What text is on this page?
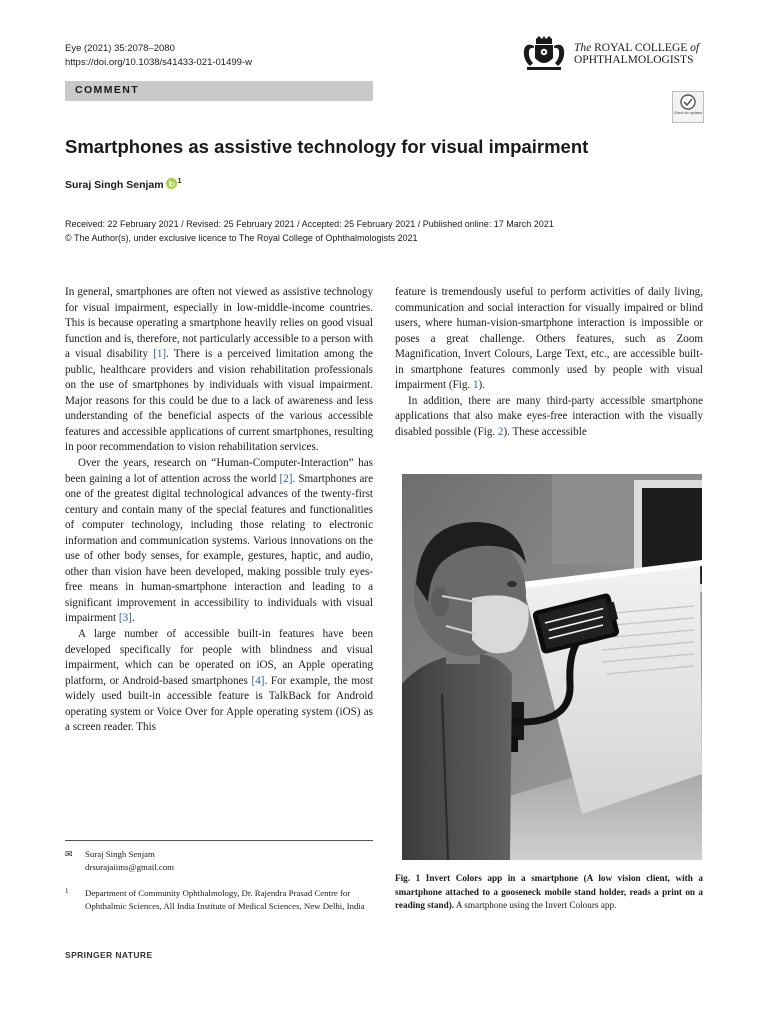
Eye (2021) 35:2078–2080
https://doi.org/10.1038/s41433-021-01499-w
The ROYAL COLLEGE of
OPHTHALMOLOGISTS
COMMENT
Check for updates
Smartphones as assistive technology for visual impairment
Suraj Singh Senjam $^1$
Received: 22 February 2021 / Revised: 25 February 2021 / Accepted: 25 February 2021 / Published online: 17 March 2021
© The Author(s), under exclusive licence to The Royal College of Ophthalmologists 2021

In general, smartphones are often not viewed as assistive technology for visual impairment, especially in low-middle-income countries. This is because operating a smartphone heavily relies on good visual function and is, therefore, not particularly accessible to a person with a visual disability [1]. There is a perceived limitation among the public, healthcare providers and vision rehabilitation professionals on the use of smartphones by individuals with visual impairment. Major reasons for this could be due to a lack of awareness and less understanding of the beneficial aspects of the various accessible features and accessible applications of current smartphones, resulting in poor recommendation to vision rehabilitation services.

Over the years, research on “Human-Computer-Interaction” has been gaining a lot of attention across the world [2]. Smartphones are one of the greatest digital technological advances of the twenty-first century and contain many of the special features and functionalities of computer technology, including those relating to electronic information and communication systems. Various innovations on the use of other body senses, for example, gestures, haptic, and audio, other than vision have been developed, making possible truly eyes-free means in human-smartphone interaction and leading to a significant improvement in accessibility to individuals with visual impairment [3].

A large number of accessible built-in features have been developed specifically for people with blindness and visual impairment, which can be operated on iOS, an Apple operating platform, or Android-based smartphones [4]. For example, the most widely used built-in accessible feature is TalkBack for Android operating system or Voice Over for Apple operating system (iOS) as a screen reader. This

feature is tremendously useful to perform activities of daily living, communication and social interaction for visually impaired or blind users, where human-vision-smartphone interaction is impossible or poses a great challenge. Others features, such as Zoom Magnification, Invert Colours, Large Text, etc., are accessible built-in smartphone features commonly used by people with visual impairment (Fig. 1).

In addition, there are many third-party accessible smartphone applications that also make eyes-free interaction with the visually disabled possible (Fig. 2). These accessible

✉	Suraj Singh Senjam
drsurajaiims@gmail.com
1	Department of Community Ophthalmology, Dr. Rajendra Prasad Centre for Ophthalmic Sciences, All India Institute of Medical Sciences, New Delhi, India
SPRINGER NATURE
Fig. 1 Invert Colors app in a smartphone (A low vision client, with a smartphone attached to a gooseneck mobile stand holder, reads a print on a reading stand). A smartphone using the Invert Colours app.
